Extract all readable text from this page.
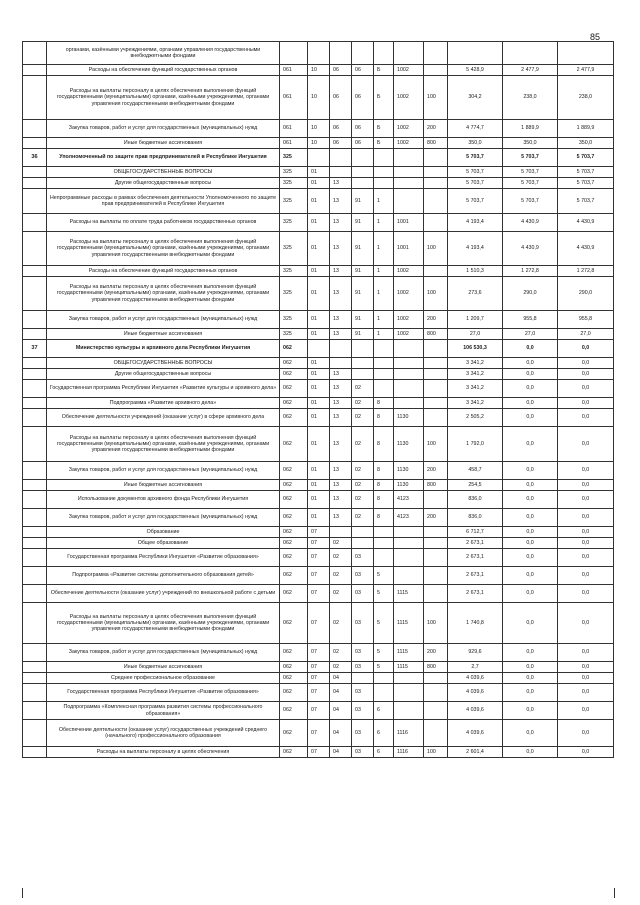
85
	органами, казёнными учреждениями, органами управления государственными внебюджетными фондами										
	Расходы на обеспечение функций государственных органов	061	10	06	06	Б	1002		5 428,9	2 477,9	2 477,9
	Расходы на выплаты персоналу в целях обеспечения выполнения функций государственными (муниципальными) органами, казёнными учреждениями, органами управления государственными внебюджетными фондами	061	10	06	06	Б	1002	100	304,2	238,0	238,0
	Закупка товаров, работ и услуг для государственных (муниципальных) нужд	061	10	06	06	Б	1002	200	4 774,7	1 889,9	1 889,9
	Иные бюджетные ассигнования	061	10	06	06	Б	1002	800	350,0	350,0	350,0
36	Уполномоченный по защите прав предпринимателей в Республике Ингушетия	325							5 703,7	5 703,7	5 703,7
	ОБЩЕГОСУДАРСТВЕННЫЕ ВОПРОСЫ	325	01						5 703,7	5 703,7	5 703,7
	Другие общегосударственные вопросы	325	01	13					5 703,7	5 703,7	5 703,7
	Непрограммные расходы в рамках обеспечения деятельности Уполномоченного по защите прав предпринимателей в Республике Ингушетия	325	01	13	91	1			5 703,7	5 703,7	5 703,7
	Расходы на выплаты по оплате труда работников государственных органов	325	01	13	91	1	1001		4 193,4	4 430,9	4 430,9
	Расходы на выплаты персоналу в целях обеспечения выполнения функций государственными (муниципальными) органами, казёнными учреждениями, органами управления государственными внебюджетными фондами	325	01	13	91	1	1001	100	4 193,4	4 430,9	4 430,9
	Расходы на обеспечение функций государственных органов	325	01	13	91	1	1002		1 510,3	1 272,8	1 272,8
	Расходы на выплаты персоналу в целях обеспечения выполнения функций государственными (муниципальными) органами, казёнными учреждениями, органами управления государственными внебюджетными фондами	325	01	13	91	1	1002	100	273,6	290,0	290,0
	Закупка товаров, работ и услуг для государственных (муниципальных) нужд	325	01	13	91	1	1002	200	1 209,7	955,8	955,8
	Иные бюджетные ассигнования	325	01	13	91	1	1002	800	27,0	27,0	27,0
37	Министерство культуры и архивного дела Республики Ингушетия	062							106 530,3	0,0	0,0
	ОБЩЕГОСУДАРСТВЕННЫЕ ВОПРОСЫ	062	01						3 341,2	0,0	0,0
	Другие общегосударственные вопросы	062	01	13					3 341,2	0,0	0,0
	Государственная программа Республики Ингушетия «Развитие культуры и архивного дела»	062	01	13	02				3 341,2	0,0	0,0
	Подпрограмма «Развитие архивного дела»	062	01	13	02	8			3 341,2	0,0	0,0
	Обеспечение деятельности учреждений (оказание услуг) в сфере архивного дела	062	01	13	02	8	1130		2 505,2	0,0	0,0
	Расходы на выплаты персоналу в целях обеспечения выполнения функций государственными (муниципальными) органами, казёнными учреждениями, органами управления государственными внебюджетными фондами	062	01	13	02	8	1130	100	1 792,0	0,0	0,0
	Закупка товаров, работ и услуг для государственных (муниципальных) нужд	062	01	13	02	8	1130	200	458,7	0,0	0,0
	Иные бюджетные ассигнования	062	01	13	02	8	1130	800	254,5	0,0	0,0
	Использование документов архивного фонда Республики Ингушетия	062	01	13	02	8	4123		836,0	0,0	0,0
	Закупка товаров, работ и услуг для государственных (муниципальных) нужд	062	01	13	02	8	4123	200	836,0	0,0	0,0
	Образование	062	07						6 712,7	0,0	0,0
	Общее образование	062	07	02					2 673,1	0,0	0,0
	Государственная программа Республики Ингушетия «Развитие образования»	062	07	02	03				2 673,1	0,0	0,0
	Подпрограмма «Развитие системы дополнительного образования детей»	062	07	02	03	5			2 673,1	0,0	0,0
	Обеспечение деятельности (оказание услуг) учреждений по внешкольной работе с детьми	062	07	02	03	5	1115		2 673,1	0,0	0,0
	Расходы на выплаты персоналу в целях обеспечения выполнения функций государственными (муниципальными) органами, казёнными учреждениями, органами управления государственными внебюджетными фондами	062	07	02	03	5	1115	100	1 740,8	0,0	0,0
	Закупка товаров, работ и услуг для государственных (муниципальных) нужд	062	07	02	03	5	1115	200	929,6	0,0	0,0
	Иные бюджетные ассигнования	062	07	02	03	5	1115	800	2,7	0,0	0,0
	Среднее профессиональное образование	062	07	04					4 039,6	0,0	0,0
	Государственная программа Республики Ингушетия «Развитие образования»	062	07	04	03				4 039,6	0,0	0,0
	Подпрограмма «Комплексная программа развития системы профессионального образования»	062	07	04	03	6			4 039,6	0,0	0,0
	Обеспечение деятельности (оказание услуг) государственных учреждений среднего (начального) профессионального образования	062	07	04	03	6	1116		4 039,6	0,0	0,0
	Расходы на выплаты персоналу в целях обеспечения	062	07	04	03	6	1116	100	2 601,4	0,0	0,0
